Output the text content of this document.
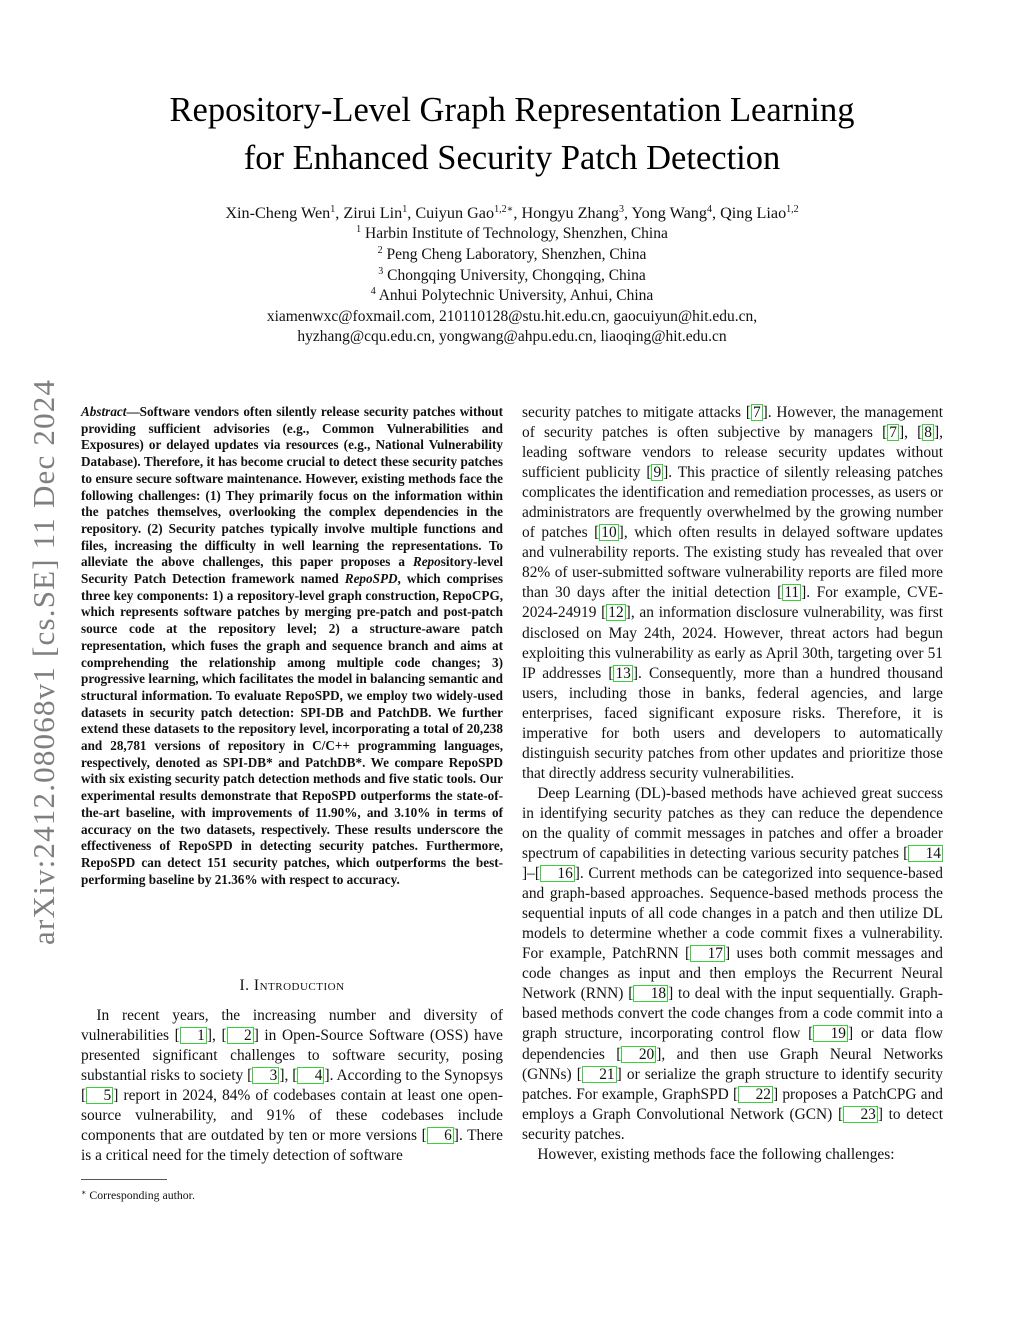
Repository-Level Graph Representation Learning
for Enhanced Security Patch Detection
Xin-Cheng Wen$^1$, Zirui Lin$^1$, Cuiyun Gao$^{1,2∗}$, Hongyu Zhang$^3$, Yong Wang$^4$, Qing Liao$^{1,2}$
$^1$ Harbin Institute of Technology, Shenzhen, China
$^2$ Peng Cheng Laboratory, Shenzhen, China
$^3$ Chongqing University, Chongqing, China
$^4$ Anhui Polytechnic University, Anhui, China
xiamenwxc@foxmail.com, 210110128@stu.hit.edu.cn, gaocuiyun@hit.edu.cn,
hyzhang@cqu.edu.cn, yongwang@ahpu.edu.cn, liaoqing@hit.edu.cn
arXiv:2412.08068v1 [cs.SE] 11 Dec 2024	Abstract—Software vendors often silently release security patches without providing sufficient advisories (e.g., Common Vulnerabilities and Exposures) or delayed updates via resources (e.g., National Vulnerability Database). Therefore, it has become crucial to detect these security patches to ensure secure software maintenance. However, existing methods face the following challenges: (1) They primarily focus on the information within the patches themselves, overlooking the complex dependencies in the repository. (2) Security patches typically involve multiple functions and files, increasing the difficulty in well learning the representations. To alleviate the above challenges, this paper proposes a Repository-level Security Patch Detection framework named RepoSPD, which comprises three key components: 1) a repository-level graph construction, RepoCPG, which represents software patches by merging pre-patch and post-patch source code at the repository level; 2) a structure-aware patch representation, which fuses the graph and sequence branch and aims at comprehending the relationship among multiple code changes; 3) progressive learning, which facilitates the model in balancing semantic and structural information. To evaluate RepoSPD, we employ two widely-used datasets in security patch detection: SPI-DB and PatchDB. We further extend these datasets to the repository level, incorporating a total of 20,238 and 28,781 versions of repository in C/C++ programming languages, respectively, denoted as SPI-DB* and PatchDB*. We compare RepoSPD with six existing security patch detection methods and five static tools. Our experimental results demonstrate that RepoSPD outperforms the state-of-the-art baseline, with improvements of 11.90%, and 3.10% in terms of accuracy on the two datasets, respectively. These results underscore the effectiveness of RepoSPD in detecting security patches. Furthermore, RepoSPD can detect 151 security patches, which outperforms the best-performing baseline by 21.36% with respect to accuracy.
I. Introduction

In recent years, the increasing number and diversity of vulnerabilities [ 1 ], [ 2 ] in Open-Source Software (OSS) have presented significant challenges to software security, posing substantial risks to society [ 3 ], [ 4 ]. According to the Synopsys [ 5 ] report in 2024, 84% of codebases contain at least one open-source vulnerability, and 91% of these codebases include components that are outdated by ten or more versions [ 6 ]. There is a critical need for the timely detection of software

security patches to mitigate attacks [ 7 ]. However, the management of security patches is often subjective by managers [ 7 ], [ 8 ], leading software vendors to release security updates without sufficient publicity [ 9 ]. This practice of silently releasing patches complicates the identification and remediation processes, as users or administrators are frequently overwhelmed by the growing number of patches [ 10 ], which often results in delayed software updates and vulnerability reports. The existing study has revealed that over 82% of user-submitted software vulnerability reports are filed more than 30 days after the initial detection [ 11 ]. For example, CVE-2024-24919 [ 12 ], an information disclosure vulnerability, was first disclosed on May 24th, 2024. However, threat actors had begun exploiting this vulnerability as early as April 30th, targeting over 51 IP addresses [ 13 ]. Consequently, more than a hundred thousand users, including those in banks, federal agencies, and large enterprises, faced significant exposure risks. Therefore, it is imperative for both users and developers to automatically distinguish security patches from other updates and prioritize those that directly address security vulnerabilities.

Deep Learning (DL)-based methods have achieved great success in identifying security patches as they can reduce the dependence on the quality of commit messages in patches and offer a broader spectrum of capabilities in detecting various security patches [ 14]–[ 16 ]. Current methods can be categorized into sequence-based and graph-based approaches. Sequence-based methods process the sequential inputs of all code changes in a patch and then utilize DL models to determine whether a code commit fixes a vulnerability. For example, PatchRNN [ 17 ] uses both commit messages and code changes as input and then employs the Recurrent Neural Network (RNN) [ 18 ] to deal with the input sequentially. Graph-based methods convert the code changes from a code commit into a graph structure, incorporating control flow [ 19 ] or data flow dependencies [ 20 ], and then use Graph Neural Networks (GNNs) [ 21 ] or serialize the graph structure to identify security patches. For example, GraphSPD [ 22 ] proposes a PatchCPG and employs a Graph Convolutional Network (GCN) [ 23 ] to detect security patches.

However, existing methods face the following challenges:

∗ Corresponding author.
